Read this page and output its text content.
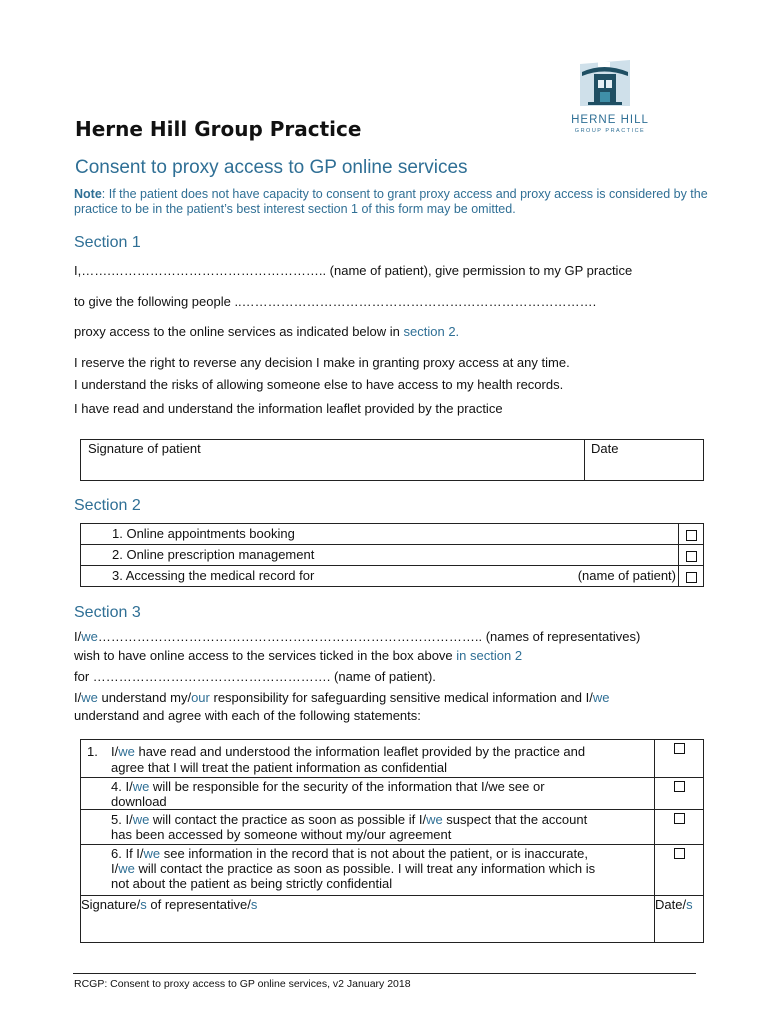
HERNE HILL
GROUP PRACTICE
Herne Hill Group Practice
Consent to proxy access to GP online services
Note: If the patient does not have capacity to consent to grant proxy access and proxy access is considered by the practice to be in the patient’s best interest section 1 of this form may be omitted.
Section 1
I,…….………………………………………….. (name of patient), give permission to my GP practice
to give the following people ..……………………………………………………………………….
proxy access to the online services as indicated below in section 2.
I reserve the right to reverse any decision I make in granting proxy access at any time.
I understand the risks of allowing someone else to have access to my health records.
I have read and understand the information leaflet provided by the practice
Signature of patient	Date
Section 2
1. Online appointments booking	
2. Online prescription management	
3. Accessing the medical record for (name of patient)	

Section 3
I/we…………………………………………………………………………….. (names of representatives)
wish to have online access to the services ticked in the box above in section 2
for ………………………………………………. (name of patient).
I/we understand my/our responsibility for safeguarding sensitive medical information and I/we
understand and agree with each of the following statements:
1. I/we have read and understood the information leaflet provided by the practice and
agree that I will treat the patient information as confidential	

4. I/we will be responsible for the security of the information that I/we see or
download	

5. I/we will contact the practice as soon as possible if I/we suspect that the account
has been accessed by someone without my/our agreement	

6. If I/we see information in the record that is not about the patient, or is inaccurate,
I/we will contact the practice as soon as possible. I will treat any information which is
not about the patient as being strictly confidential	

Signature/s of representative/s	Date/s
RCGP: Consent to proxy access to GP online services, v2 January 2018
